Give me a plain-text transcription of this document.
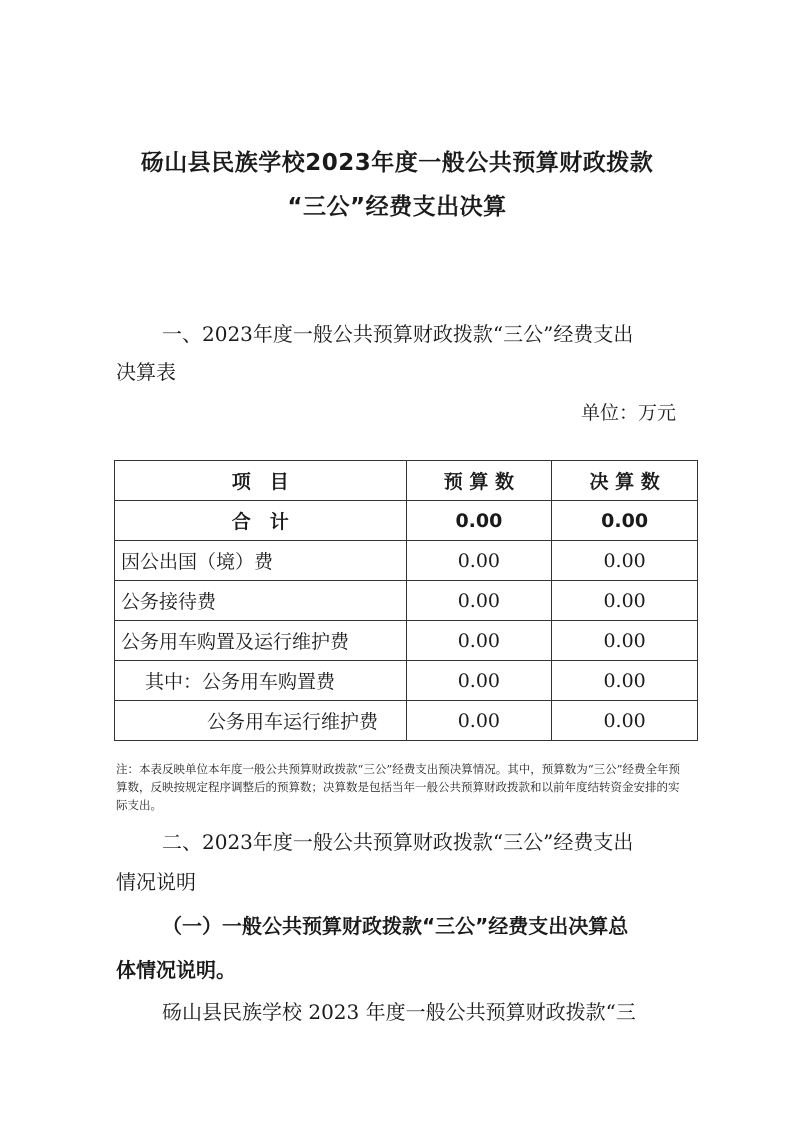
砀山县民族学校2023年度一般公共预算财政拨款
“三公”经费支出决算
一、2023年度一般公共预算财政拨款“三公”经费支出
决算表
单位：万元
项　目	预 算 数	决 算 数
合　计	0.00	0.00
因公出国（境）费	0.00	0.00
公务接待费	0.00	0.00
公务用车购置及运行维护费	0.00	0.00
其中：公务用车购置费	0.00	0.00
公务用车运行维护费	0.00	0.00
注：本表反映单位本年度一般公共预算财政拨款“三公”经费支出预决算情况。其中，预算数为“三公”经费全年预算数，反映按规定程序调整后的预算数；决算数是包括当年一般公共预算财政拨款和以前年度结转资金安排的实际支出。
二、2023年度一般公共预算财政拨款“三公”经费支出
情况说明
（一）一般公共预算财政拨款“三公”经费支出决算总
体情况说明。
砀山县民族学校 2023 年度一般公共预算财政拨款“三
